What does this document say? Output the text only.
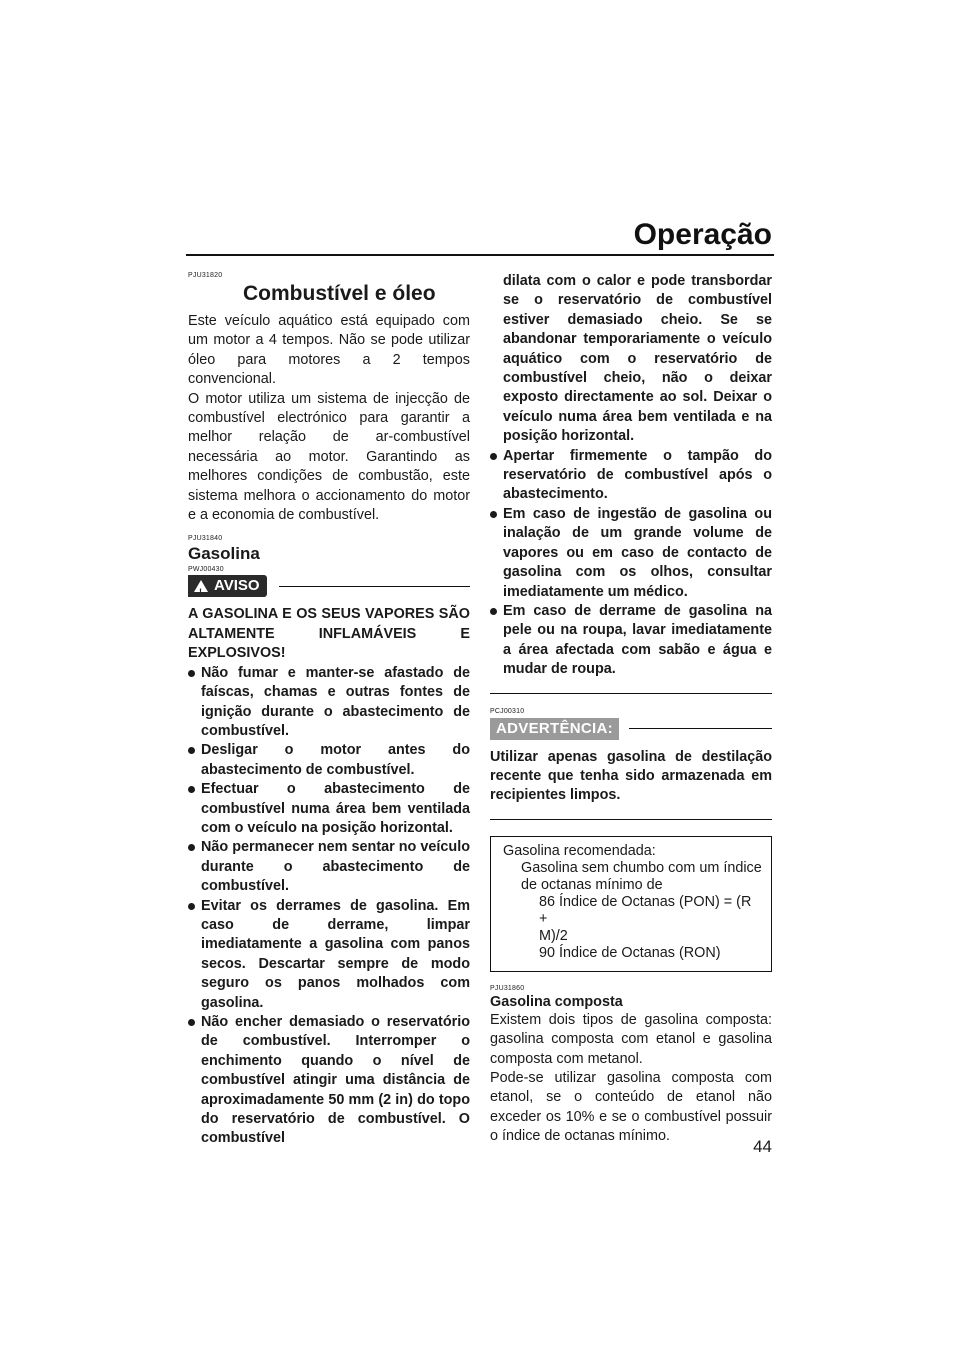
Operação
PJU31820
Combustível e óleo

Este veículo aquático está equipado com um motor a 4 tempos. Não se pode utilizar óleo para motores a 2 tempos convencional.

O motor utiliza um sistema de injecção de combustível electrónico para garantir a melhor relação de ar-combustível necessária ao motor. Garantindo as melhores condições de combustão, este sistema melhora o accionamento do motor e a economia de combustível.

PJU31840
Gasolina
PWJ00430
!
AVISO

A GASOLINA E OS SEUS VAPORES SÃO ALTAMENTE INFLAMÁVEIS E EXPLOSIVOS!

Não fumar e manter-se afastado de faíscas, chamas e outras fontes de ignição durante o abastecimento de combustível.
Desligar o motor antes do abastecimento de combustível.
Efectuar o abastecimento de combustível numa área bem ventilada com o veículo na posição horizontal.
Não permanecer nem sentar no veículo durante o abastecimento de combustível.
Evitar os derrames de gasolina. Em caso de derrame, limpar imediatamente a gasolina com panos secos. Descartar sempre de modo seguro os panos molhados com gasolina.
Não encher demasiado o reservatório de combustível. Interromper o enchimento quando o nível de combustível atingir uma distância de aproximadamente 50 mm (2 in) do topo do reservatório de combustível. O combustível

dilata com o calor e pode transbordar se o reservatório de combustível estiver demasiado cheio. Se se abandonar temporariamente o veículo aquático com o reservatório de combustível cheio, não o deixar exposto directamente ao sol. Deixar o veículo numa área bem ventilada e na posição horizontal.

Apertar firmemente o tampão do reservatório de combustível após o abastecimento.
Em caso de ingestão de gasolina ou inalação de um grande volume de vapores ou em caso de contacto de gasolina com os olhos, consultar imediatamente um médico.
Em caso de derrame de gasolina na pele ou na roupa, lavar imediatamente a área afectada com sabão e água e mudar de roupa.
PCJ00310
ADVERTÊNCIA:

Utilizar apenas gasolina de destilação recente que tenha sido armazenada em recipientes limpos.

Gasolina recomendada:
Gasolina sem chumbo com um índice
de octanas mínimo de
86 Índice de Octanas (PON) = (R +
M)/2
90 Índice de Octanas (RON)
PJU31860
Gasolina composta

Existem dois tipos de gasolina composta: gasolina composta com etanol e gasolina composta com metanol.

Pode-se utilizar gasolina composta com etanol, se o conteúdo de etanol não exceder os 10% e se o combustível possuir o índice de octanas mínimo.

44
